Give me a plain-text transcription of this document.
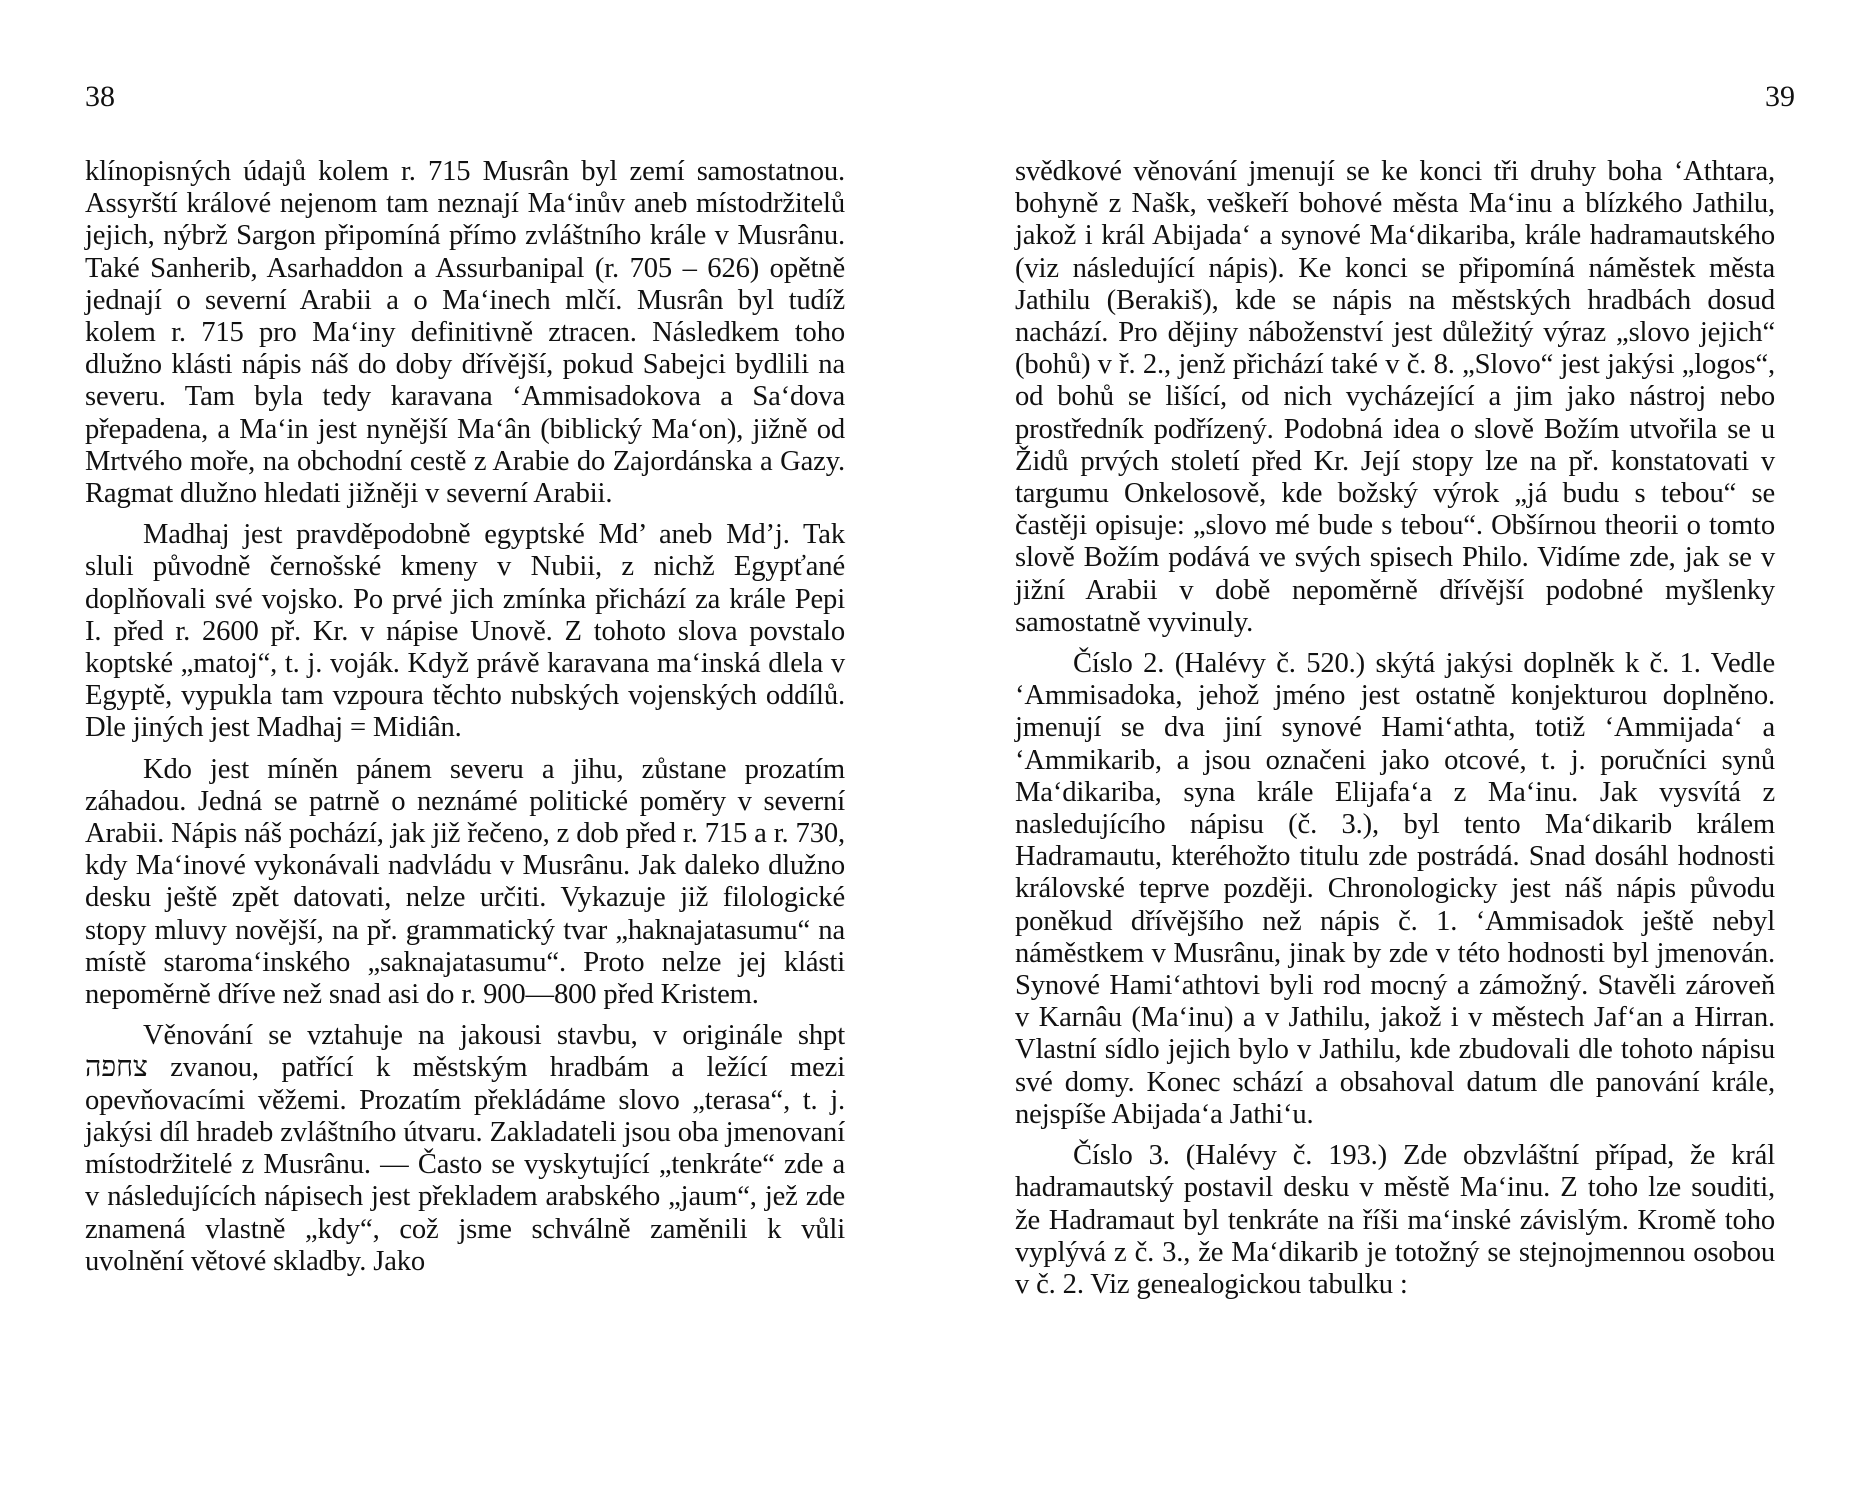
38

klínopisných údajů kolem r. 715 Musrân byl zemí samostatnou. Assyrští králové nejenom tam neznají Ma‘inův aneb místodržitelů jejich, nýbrž Sargon připomíná přímo zvláštního krále v Musrânu. Také Sanherib, Asarhaddon a Assurbanipal (r. 705 – 626) opětně jednají o severní Arabii a o Ma‘inech mlčí. Musrân byl tudíž kolem r. 715 pro Ma‘iny definitivně ztracen. Následkem toho dlužno klásti nápis náš do doby dřívější, pokud Sabejci bydlili na severu. Tam byla tedy karavana ‘Ammisadokova a Sa‘dova přepadena, a Ma‘in jest nynější Ma‘ân (biblický Ma‘on), jižně od Mrtvého moře, na obchodní cestě z Arabie do Zajordánska a Gazy. Ragmat dlužno hledati jižněji v severní Arabii.

Madhaj jest pravděpodobně egyptské Md’ aneb Md’j. Tak sluli původně černošské kmeny v Nubii, z nichž Egypťané doplňovali své vojsko. Po prvé jich zmínka přichází za krále Pepi I. před r. 2600 př. Kr. v nápise Unově. Z tohoto slova povstalo koptské „matoj“, t. j. voják. Když právě karavana ma‘inská dlela v Egyptě, vypukla tam vzpoura těchto nubských vojenských oddílů. Dle jiných jest Madhaj = Midiân.

Kdo jest míněn pánem severu a jihu, zůstane prozatím záhadou. Jedná se patrně o neznámé politické poměry v severní Arabii. Nápis náš pochází, jak již řečeno, z dob před r. 715 a r. 730, kdy Ma‘inové vykonávali nadvládu v Musrânu. Jak daleko dlužno desku ještě zpět datovati, nelze určiti. Vykazuje již filologické stopy mluvy novější, na př. grammatický tvar „haknajatasumu“ na místě staroma‘inského „saknajatasumu“. Proto nelze jej klásti nepoměrně dříve než snad asi do r. 900—800 před Kristem.

Věnování se vztahuje na jakousi stavbu, v originále shpt צחפה zvanou, patřící k městským hradbám a ležící mezi opevňovacími věžemi. Prozatím překládáme slovo „terasa“, t. j. jakýsi díl hradeb zvláštního útvaru. Zakladateli jsou oba jmenovaní místodržitelé z Musrânu. — Často se vyskytující „tenkráte“ zde a v následujících nápisech jest překladem arabského „jaum“, jež zde znamená vlastně „kdy“, což jsme schválně zaměnili k vůli uvolnění větové skladby. Jako

39

svědkové věnování jmenují se ke konci tři druhy boha ‘Athtara, bohyně z Našk, veškeří bohové města Ma‘inu a blízkého Jathilu, jakož i král Abijada‘ a synové Ma‘dikariba, krále hadramautského (viz následující nápis). Ke konci se připomíná náměstek města Jathilu (Berakiš), kde se nápis na městských hradbách dosud nachází. Pro dějiny náboženství jest důležitý výraz „slovo jejich“ (bohů) v ř. 2., jenž přichází také v č. 8. „Slovo“ jest jakýsi „logos“, od bohů se lišící, od nich vycházející a jim jako nástroj nebo prostředník podřízený. Podobná idea o slově Božím utvořila se u Židů prvých století před Kr. Její stopy lze na př. konstatovati v targumu Onkelosově, kde božský výrok „já budu s tebou“ se častěji opisuje: „slovo mé bude s tebou“. Obšírnou theorii o tomto slově Božím podává ve svých spisech Philo. Vidíme zde, jak se v jižní Arabii v době nepoměrně dřívější podobné myšlenky samostatně vyvinuly.

Číslo 2. (Halévy č. 520.) skýtá jakýsi doplněk k č. 1. Vedle ‘Ammisadoka, jehož jméno jest ostatně konjekturou doplněno. jmenují se dva jiní synové Hami‘athta, totiž ‘Ammijada‘ a ‘Ammikarib, a jsou označeni jako otcové, t. j. poručníci synů Ma‘dikariba, syna krále Elijafa‘a z Ma‘inu. Jak vysvítá z nasledujícího nápisu (č. 3.), byl tento Ma‘dikarib králem Hadramautu, kteréhožto titulu zde postrádá. Snad dosáhl hodnosti královské teprve později. Chronologicky jest náš nápis původu poněkud dřívějšího než nápis č. 1. ‘Ammisadok ještě nebyl náměstkem v Musrânu, jinak by zde v této hodnosti byl jmenován. Synové Hami‘athtovi byli rod mocný a zámožný. Stavěli zároveň v Karnâu (Ma‘inu) a v Jathilu, jakož i v městech Jaf‘an a Hirran. Vlastní sídlo jejich bylo v Jathilu, kde zbudovali dle tohoto nápisu své domy. Konec schází a obsahoval datum dle panování krále, nejspíše Abijada‘a Jathi‘u.

Číslo 3. (Halévy č. 193.) Zde obzvláštní případ, že král hadramautský postavil desku v městě Ma‘inu. Z toho lze souditi, že Hadramaut byl tenkráte na říši ma‘inské závislým. Kromě toho vyplývá z č. 3., že Ma‘dikarib je totožný se stejnojmennou osobou v č. 2. Viz genealogickou tabulku :
